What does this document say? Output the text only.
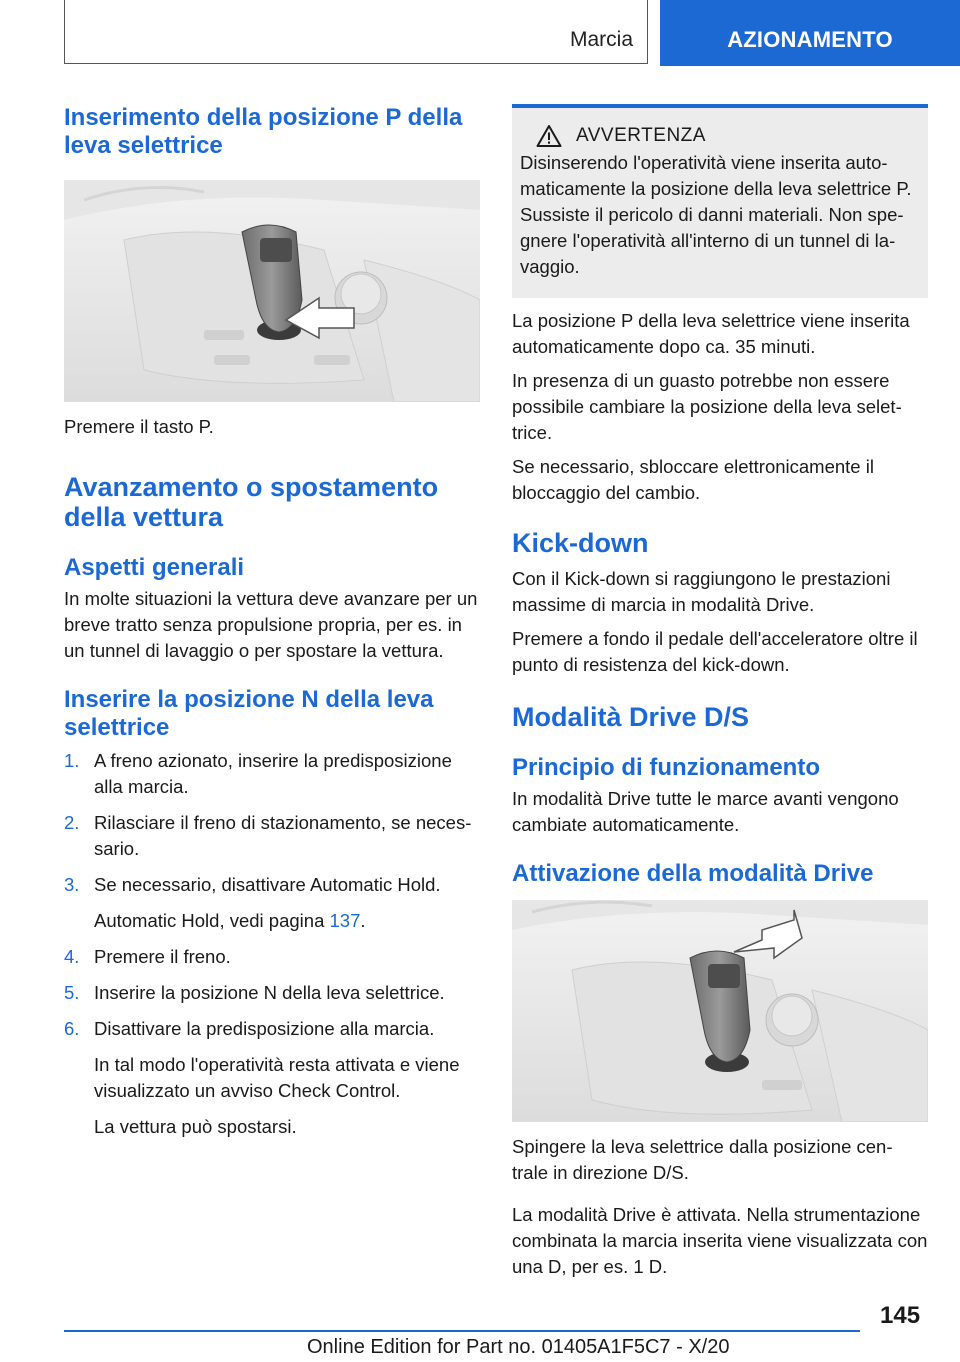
Marcia	AZIONAMENTO
Inserimento della posizione P della leva selettrice

Premere il tasto P.

Avanzamento o spostamento della vettura
Aspetti generali

In molte situazioni la vettura deve avanzare per un breve tratto senza propulsione propria, per es. in un tunnel di lavaggio o per spostare la vettura.

Inserire la posizione N della leva selettrice
1. A freno azionato, inserire la predisposizione alla marcia.
2. Rilasciare il freno di stazionamento, se neces‐sario.
3. Se necessario, disattivare Automatic Hold.
Automatic Hold, vedi pagina 137.
4. Premere il freno.
5. Inserire la posizione N della leva selettrice.
6. Disattivare la predisposizione alla marcia.
In tal modo l'operatività resta attivata e viene visualizzato un avviso Check Control.
La vettura può spostarsi.
AVVERTENZA

Disinserendo l'operatività viene inserita auto‐maticamente la posizione della leva selettrice P. Sussiste il pericolo di danni materiali. Non spe‐gnere l'operatività all'interno di un tunnel di la‐vaggio.

La posizione P della leva selettrice viene inserita automaticamente dopo ca. 35 minuti.

In presenza di un guasto potrebbe non essere possibile cambiare la posizione della leva selet‐trice.

Se necessario, sbloccare elettronicamente il bloccaggio del cambio.

Kick-down

Con il Kick-down si raggiungono le prestazioni massime di marcia in modalità Drive.

Premere a fondo il pedale dell'acceleratore oltre il punto di resistenza del kick-down.

Modalità Drive D/S
Principio di funzionamento

In modalità Drive tutte le marce avanti vengono cambiate automaticamente.

Attivazione della modalità Drive

Spingere la leva selettrice dalla posizione cen‐trale in direzione D/S.

La modalità Drive è attivata. Nella strumentazione combinata la marcia inserita viene visualizzata con una D, per es. 1 D.

145
Online Edition for Part no. 01405A1F5C7 - X/20
